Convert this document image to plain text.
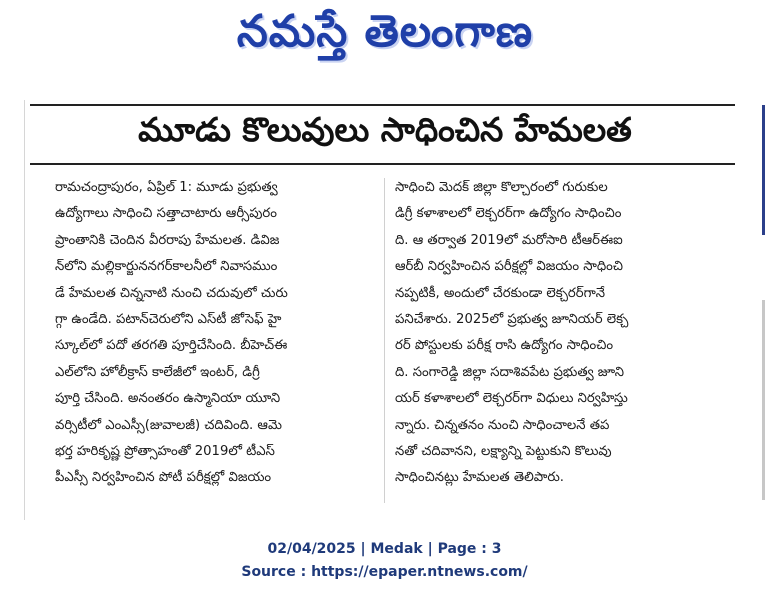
నమస్తే తెలంగాణ
మూడు కొలువులు సాధించిన హేమలత
రామచంద్రాపురం, ఏప్రిల్ 1: మూడు ప్రభుత్వ
ఉద్యోగాలు సాధించి సత్తాచాటారు ఆర్సీపురం
ప్రాంతానికి చెందిన వీరరాపు హేమలత. డివిజ
న్‌లోని మల్లికార్జుననగర్‌కాలనీలో నివాసముం
డే హేమలత చిన్ననాటి నుంచి చదువులో చురు
గ్గా ఉండేది. పటాన్‌చెరులోని ఎస్‌టీ జోసెఫ్ హై
స్కూల్‌లో పదో తరగతి పూర్తిచేసింది. బీహెచ్‌ఈ
ఎల్‌లోని హోలీక్రాస్ కాలేజీలో ఇంటర్, డిగ్రీ
పూర్తి చేసింది. అనంతరం ఉస్మానియా యూని
వర్సిటీలో ఎంఎస్సీ(జువాలజీ) చదివింది. ఆమె
భర్త హరికృష్ణ ప్రోత్సాహంతో 2019లో టీఎస్
పీఎస్సీ నిర్వహించిన పోటీ పరీక్షల్లో విజయం
సాధించి మెదక్ జిల్లా కొల్చారంలో గురుకుల
డిగ్రీ కళాశాలలో లెక్చరర్‌గా ఉద్యోగం సాధించిం
ది. ఆ తర్వాత 2019లో మరోసారి టీఆర్‌ఈఐ
ఆర్‌బీ నిర్వహించిన పరీక్షల్లో విజయం సాధించి
నప్పటికీ, అందులో చేరకుండా లెక్చరర్‌గానే
పనిచేశారు. 2025లో ప్రభుత్వ జూనియర్ లెక్చ
రర్ పోస్టులకు పరీక్ష రాసి ఉద్యోగం సాధించిం
ది. సంగారెడ్డి జిల్లా సదాశివపేట ప్రభుత్వ జూని
యర్ కళాశాలలో లెక్చరర్‌గా విధులు నిర్వహిస్తు
న్నారు. చిన్నతనం నుంచి సాధించాలనే తప
నతో చదివానని, లక్ష్యాన్ని పెట్టుకుని కొలువు
సాధించినట్లు హేమలత తెలిపారు.
02/04/2025 | Medak | Page : 3
Source : https://epaper.ntnews.com/
